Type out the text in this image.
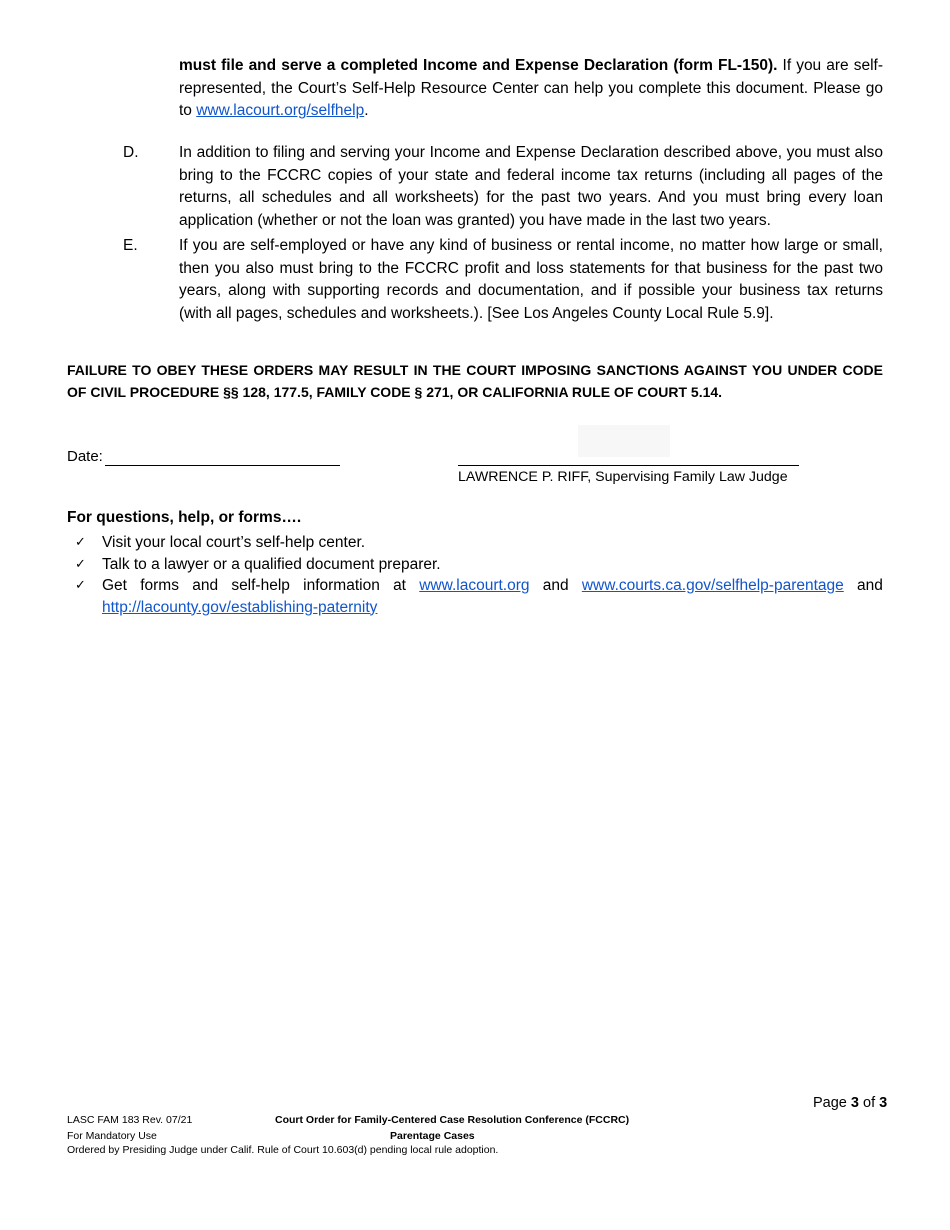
must file and serve a completed Income and Expense Declaration (form FL-150). If you are self-represented, the Court’s Self-Help Resource Center can help you complete this document. Please go to www.lacourt.org/selfhelp.
D.	In addition to filing and serving your Income and Expense Declaration described above, you must also bring to the FCCRC copies of your state and federal income tax returns (including all pages of the returns, all schedules and all worksheets) for the past two years. And you must bring every loan application (whether or not the loan was granted) you have made in the last two years.
E.	If you are self-employed or have any kind of business or rental income, no matter how large or small, then you also must bring to the FCCRC profit and loss statements for that business for the past two years, along with supporting records and documentation, and if possible your business tax returns (with all pages, schedules and worksheets.). [See Los Angeles County Local Rule 5.9].
FAILURE TO OBEY THESE ORDERS MAY RESULT IN THE COURT IMPOSING SANCTIONS AGAINST YOU UNDER CODE OF CIVIL PROCEDURE §§ 128, 177.5, FAMILY CODE § 271, OR CALIFORNIA RULE OF COURT 5.14.
Date:
LAWRENCE P. RIFF, Supervising Family Law Judge
For questions, help, or forms….
✓ Visit your local court’s self-help center.
✓ Talk to a lawyer or a qualified document preparer.
✓ Get forms and self-help information at www.lacourt.org and www.courts.ca.gov/selfhelp-parentage and
http://lacounty.gov/establishing-paternity
Page 3 of 3
LASC FAM 183 Rev. 07/21
For Mandatory Use
Ordered by Presiding Judge under Calif. Rule of Court 10.603(d) pending local rule adoption.
Court Order for Family-Centered Case Resolution Conference (FCCRC)
Parentage Cases
